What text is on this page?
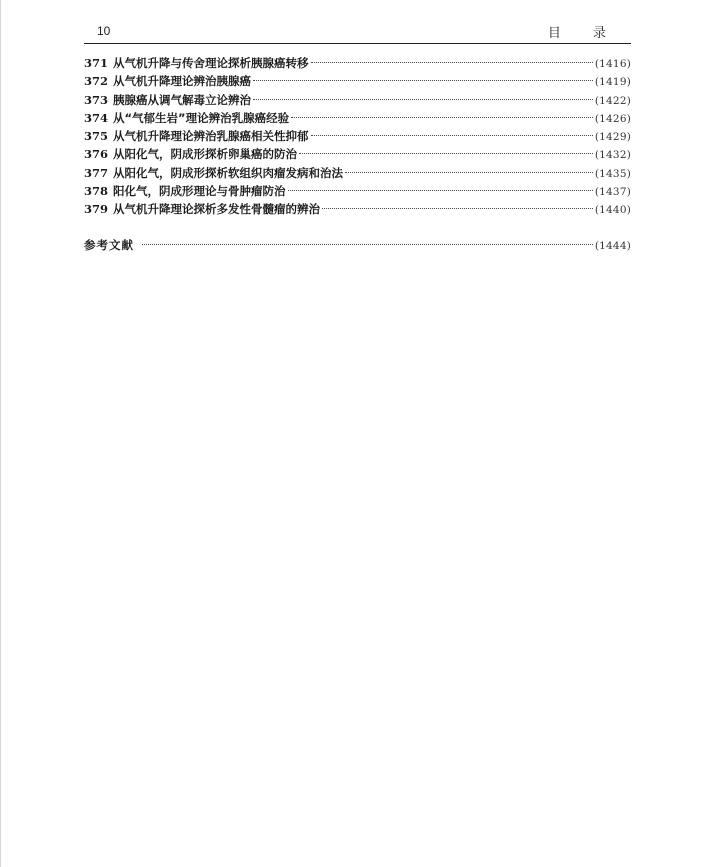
10	目 录
371 从气机升降与传舍理论探析胰腺癌转移	(1416)
372 从气机升降理论辨治胰腺癌	(1419)
373 胰腺癌从调气解毒立论辨治	(1422)
374 从“气郁生岩”理论辨治乳腺癌经验	(1426)
375 从气机升降理论辨治乳腺癌相关性抑郁	(1429)
376 从阳化气，阴成形探析卵巢癌的防治	(1432)
377 从阳化气，阴成形探析软组织肉瘤发病和治法	(1435)
378 阳化气，阴成形理论与骨肿瘤防治	(1437)
379 从气机升降理论探析多发性骨髓瘤的辨治	(1440)
参考文献	(1444)
